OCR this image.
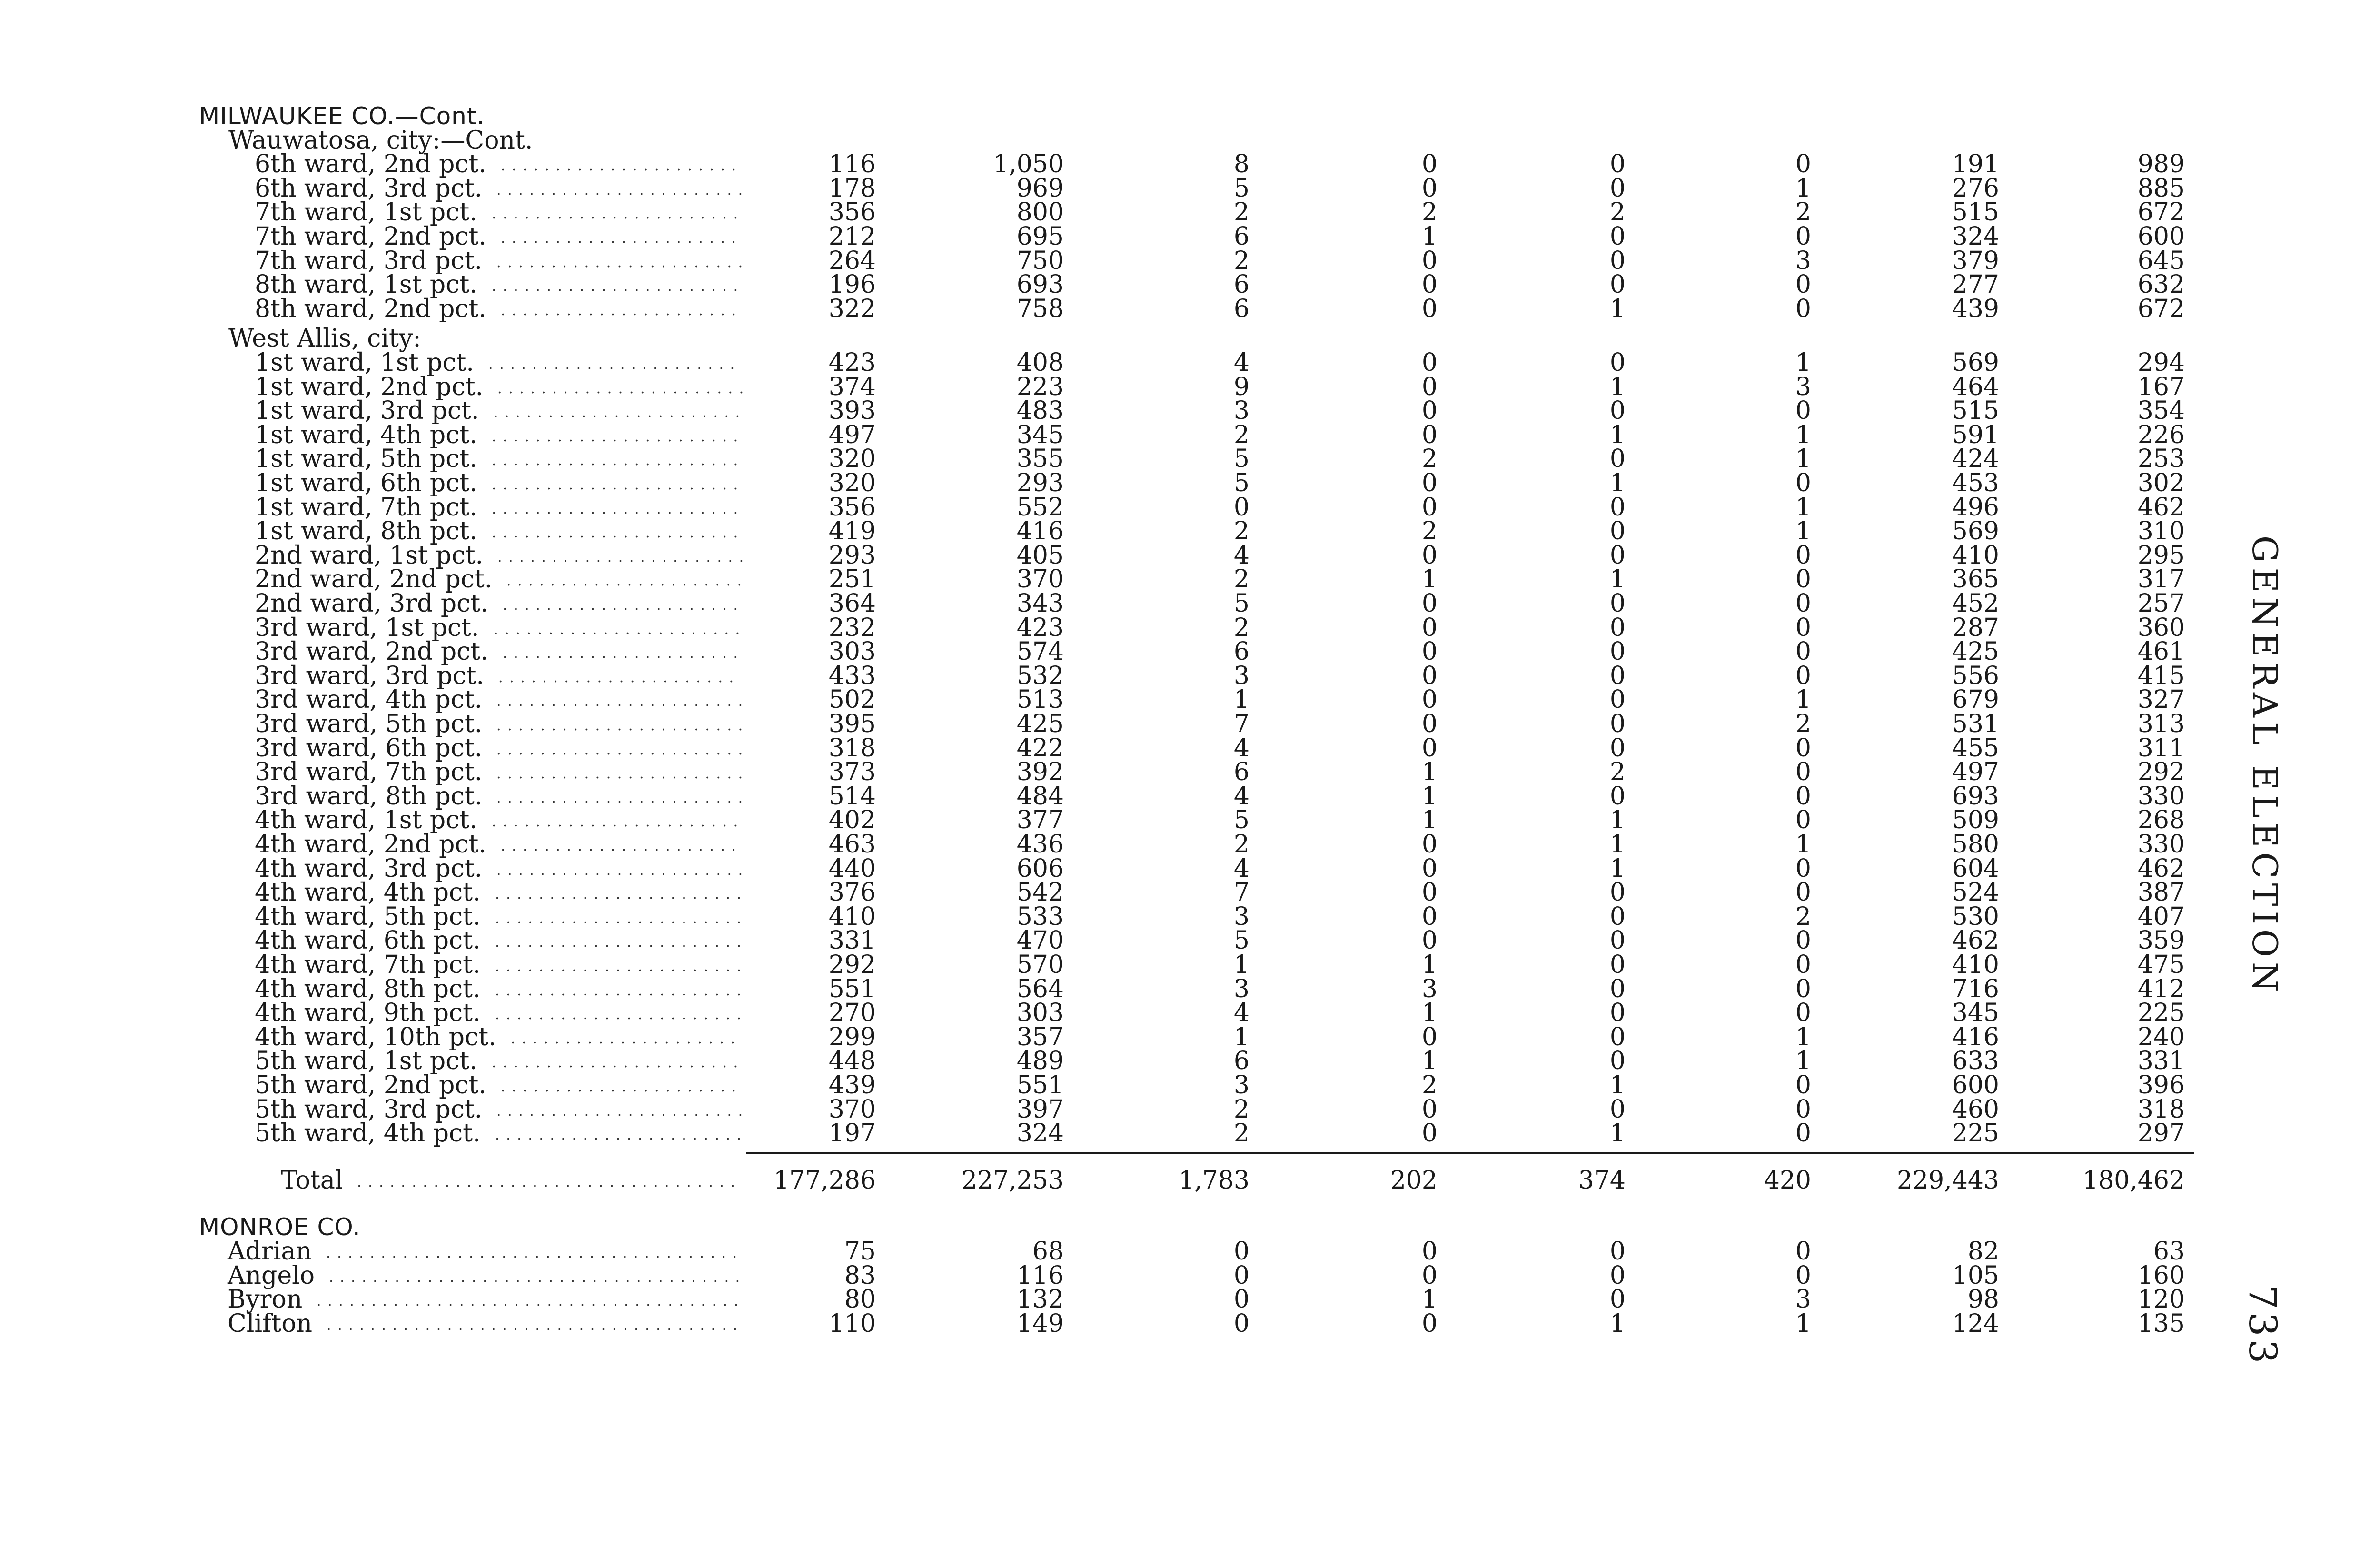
GENERAL ELECTION
733
MILWAUKEE CO.—Cont.
Wauwatosa, city:—Cont.
6th ward, 2nd pct.	116	1,050	8	0	0	0	191	989
6th ward, 3rd pct.	178	969	5	0	0	1	276	885
7th ward, 1st pct.	356	800	2	2	2	2	515	672
7th ward, 2nd pct.	212	695	6	1	0	0	324	600
7th ward, 3rd pct.	264	750	2	0	0	3	379	645
8th ward, 1st pct.	196	693	6	0	0	0	277	632
8th ward, 2nd pct.	322	758	6	0	1	0	439	672
West Allis, city:
1st ward, 1st pct.	423	408	4	0	0	1	569	294
1st ward, 2nd pct.	374	223	9	0	1	3	464	167
1st ward, 3rd pct.	393	483	3	0	0	0	515	354
1st ward, 4th pct.	497	345	2	0	1	1	591	226
1st ward, 5th pct.	320	355	5	2	0	1	424	253
1st ward, 6th pct.	320	293	5	0	1	0	453	302
1st ward, 7th pct.	356	552	0	0	0	1	496	462
1st ward, 8th pct.	419	416	2	2	0	1	569	310
2nd ward, 1st pct.	293	405	4	0	0	0	410	295
2nd ward, 2nd pct.	251	370	2	1	1	0	365	317
2nd ward, 3rd pct.	364	343	5	0	0	0	452	257
3rd ward, 1st pct.	232	423	2	0	0	0	287	360
3rd ward, 2nd pct.	303	574	6	0	0	0	425	461
3rd ward, 3rd pct.	433	532	3	0	0	0	556	415
3rd ward, 4th pct.	502	513	1	0	0	1	679	327
3rd ward, 5th pct.	395	425	7	0	0	2	531	313
3rd ward, 6th pct.	318	422	4	0	0	0	455	311
3rd ward, 7th pct.	373	392	6	1	2	0	497	292
3rd ward, 8th pct.	514	484	4	1	0	0	693	330
4th ward, 1st pct.	402	377	5	1	1	0	509	268
4th ward, 2nd pct.	463	436	2	0	1	1	580	330
4th ward, 3rd pct.	440	606	4	0	1	0	604	462
4th ward, 4th pct.	376	542	7	0	0	0	524	387
4th ward, 5th pct.	410	533	3	0	0	2	530	407
4th ward, 6th pct.	331	470	5	0	0	0	462	359
4th ward, 7th pct.	292	570	1	1	0	0	410	475
4th ward, 8th pct.	551	564	3	3	0	0	716	412
4th ward, 9th pct.	270	303	4	1	0	0	345	225
4th ward, 10th pct.	299	357	1	0	0	1	416	240
5th ward, 1st pct.	448	489	6	1	0	1	633	331
5th ward, 2nd pct.	439	551	3	2	1	0	600	396
5th ward, 3rd pct.	370	397	2	0	0	0	460	318
5th ward, 4th pct.	197	324	2	0	1	0	225	297
Total	177,286	227,253	1,783	202	374	420	229,443	180,462
MONROE CO.
Adrian	75	68	0	0	0	0	82	63
Angelo	83	116	0	0	0	0	105	160
Byron	80	132	0	1	0	3	98	120
Clifton	110	149	0	0	1	1	124	135
. . . . . . . . . . . . . . . . . . . . . .
. . . . . . . . . . . . . . . . . . . . . . .
. . . . . . . . . . . . . . . . . . . . . . .
. . . . . . . . . . . . . . . . . . . . . .
. . . . . . . . . . . . . . . . . . . . . . .
. . . . . . . . . . . . . . . . . . . . . . .
. . . . . . . . . . . . . . . . . . . . . .
. . . . . . . . . . . . . . . . . . . . . . .
. . . . . . . . . . . . . . . . . . . . . . .
. . . . . . . . . . . . . . . . . . . . . . .
. . . . . . . . . . . . . . . . . . . . . . .
. . . . . . . . . . . . . . . . . . . . . . .
. . . . . . . . . . . . . . . . . . . . . . .
. . . . . . . . . . . . . . . . . . . . . . .
. . . . . . . . . . . . . . . . . . . . . . .
. . . . . . . . . . . . . . . . . . . . . . .
. . . . . . . . . . . . . . . . . . . . . .
. . . . . . . . . . . . . . . . . . . . . .
. . . . . . . . . . . . . . . . . . . . . . .
. . . . . . . . . . . . . . . . . . . . . .
. . . . . . . . . . . . . . . . . . . . . .
. . . . . . . . . . . . . . . . . . . . . . .
. . . . . . . . . . . . . . . . . . . . . . .
. . . . . . . . . . . . . . . . . . . . . . .
. . . . . . . . . . . . . . . . . . . . . . .
. . . . . . . . . . . . . . . . . . . . . . .
. . . . . . . . . . . . . . . . . . . . . . .
. . . . . . . . . . . . . . . . . . . . . .
. . . . . . . . . . . . . . . . . . . . . . .
. . . . . . . . . . . . . . . . . . . . . . .
. . . . . . . . . . . . . . . . . . . . . . .
. . . . . . . . . . . . . . . . . . . . . . .
. . . . . . . . . . . . . . . . . . . . . . .
. . . . . . . . . . . . . . . . . . . . . . .
. . . . . . . . . . . . . . . . . . . . . . .
. . . . . . . . . . . . . . . . . . . . .
. . . . . . . . . . . . . . . . . . . . . . .
. . . . . . . . . . . . . . . . . . . . . .
. . . . . . . . . . . . . . . . . . . . . . .
. . . . . . . . . . . . . . . . . . . . . . .
. . . . . . . . . . . . . . . . . . . . . . . . . . . . . . . . . . .
. . . . . . . . . . . . . . . . . . . . . . . . . . . . . . . . . . . . . .
. . . . . . . . . . . . . . . . . . . . . . . . . . . . . . . . . . . . . .
. . . . . . . . . . . . . . . . . . . . . . . . . . . . . . . . . . . . . . .
. . . . . . . . . . . . . . . . . . . . . . . . . . . . . . . . . . . . . .
